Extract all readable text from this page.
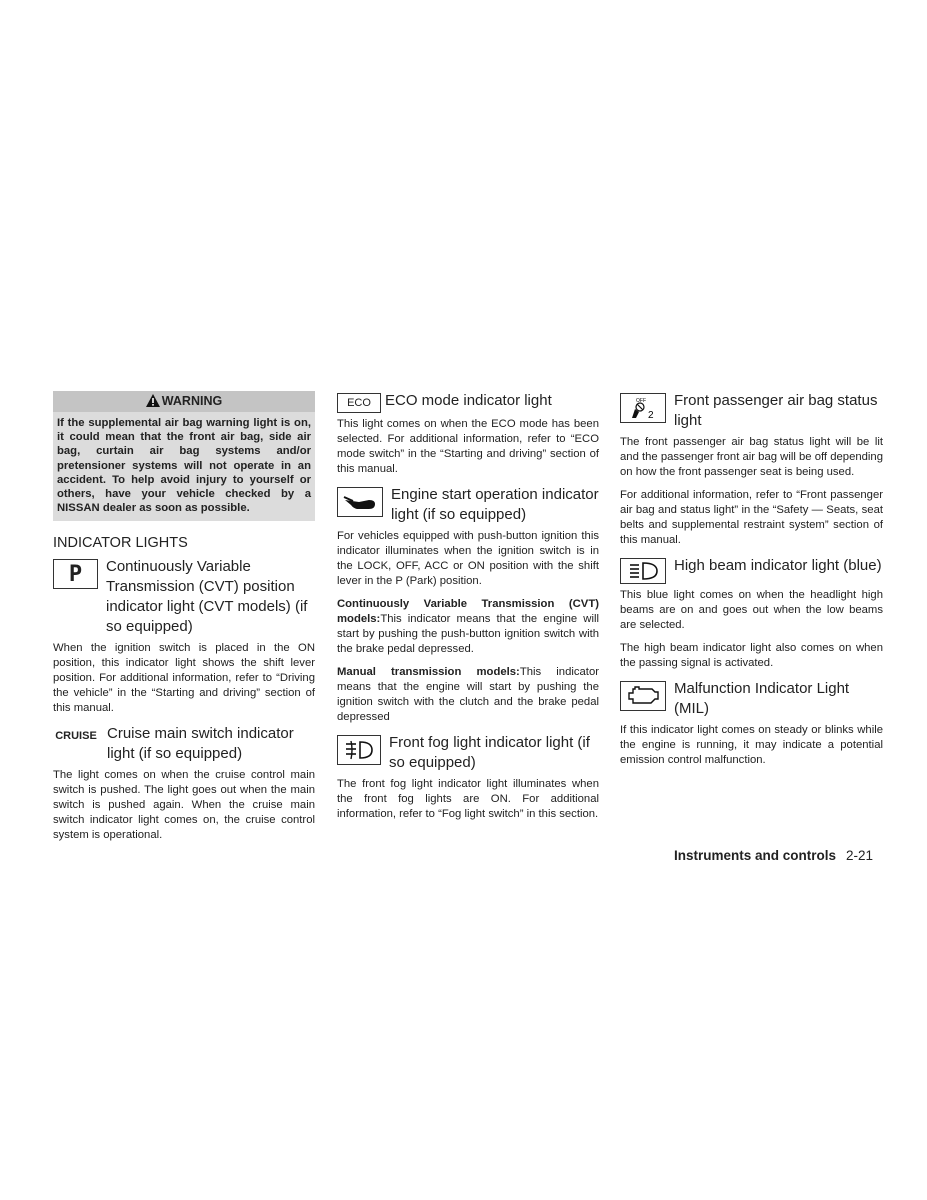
WARNING
If the supplemental air bag warning light is on, it could mean that the front air bag, side air bag, curtain air bag systems and/or pretensioner systems will not operate in an accident. To help avoid injury to yourself or others, have your vehicle checked by a NISSAN dealer as soon as possible.
INDICATOR LIGHTS
P Continuously Variable Transmission (CVT) position indicator light (CVT models) (if so equipped)

When the ignition switch is placed in the ON position, this indicator light shows the shift lever position. For additional information, refer to “Driving the vehicle” in the “Starting and driving” section of this manual.

CRUISE Cruise main switch indicator light (if so equipped)

The light comes on when the cruise control main switch is pushed. The light goes out when the main switch is pushed again. When the cruise main switch indicator light comes on, the cruise control system is operational.

ECO ECO mode indicator light

This light comes on when the ECO mode has been selected. For additional information, refer to “ECO mode switch” in the “Starting and driving” section of this manual.

Engine start operation indicator light (if so equipped)

For vehicles equipped with push-button ignition this indicator illuminates when the ignition switch is in the LOCK, OFF, ACC or ON position with the shift lever in the P (Park) position.

Continuously Variable Transmission (CVT) models:This indicator means that the engine will start by pushing the push-button ignition switch with the brake pedal depressed.

Manual transmission models:This indicator means that the engine will start by pushing the ignition switch with the clutch and the brake pedal depressed

Front fog light indicator light (if so equipped)

The front fog light indicator light illuminates when the front fog lights are ON. For additional information, refer to “Fog light switch” in this section.

OFF
2
Front passenger air bag status light

The front passenger air bag status light will be lit and the passenger front air bag will be off depending on how the front passenger seat is being used.

For additional information, refer to “Front passenger air bag and status light” in the “Safety — Seats, seat belts and supplemental restraint system” section of this manual.

High beam indicator light (blue)

This blue light comes on when the headlight high beams are on and goes out when the low beams are selected.

The high beam indicator light also comes on when the passing signal is activated.

Malfunction Indicator Light (MIL)

If this indicator light comes on steady or blinks while the engine is running, it may indicate a potential emission control malfunction.

Instruments and controls 2-21
